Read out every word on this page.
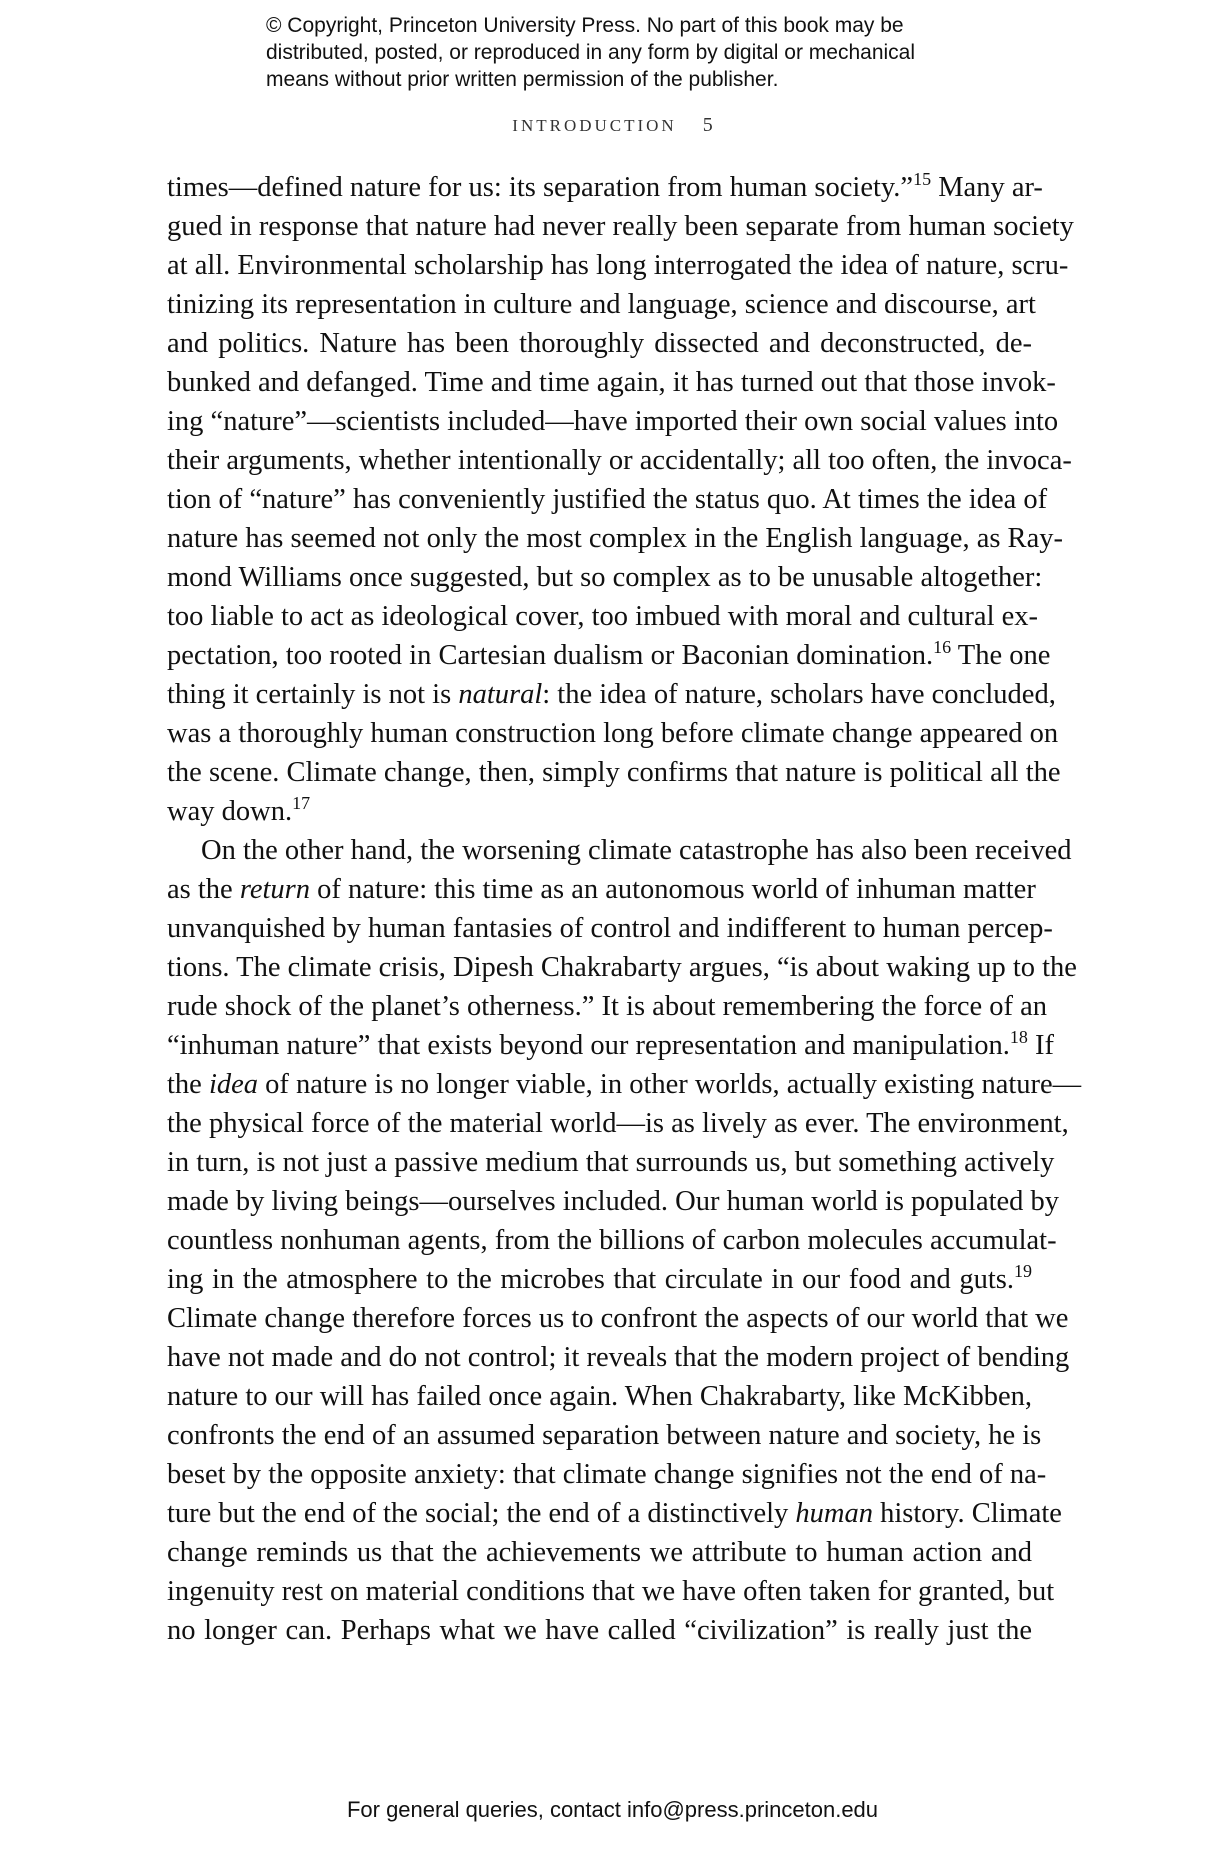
© Copyright, Princeton University Press. No part of this book may be
distributed, posted, or reproduced in any form by digital or mechanical
means without prior written permission of the publisher.
INTRODUCTION 5
times—defined nature for us: its separation from human society.”$^{15}$ Many ar-
gued in response that nature had never really been separate from human society
at all. Environmental scholarship has long interrogated the idea of nature, scru-
tinizing its representation in culture and language, science and discourse, art
and politics. Nature has been thoroughly dissected and deconstructed, de-
bunked and defanged. Time and time again, it has turned out that those invok-
ing “nature”—scientists included—have imported their own social values into
their arguments, whether intentionally or accidentally; all too often, the invoca-
tion of “nature” has conveniently justified the status quo. At times the idea of
nature has seemed not only the most complex in the English language, as Ray-
mond Williams once suggested, but so complex as to be unusable altogether:
too liable to act as ideological cover, too imbued with moral and cultural ex-
pectation, too rooted in Cartesian dualism or Baconian domination.$^{16}$ The one
thing it certainly is not is natural: the idea of nature, scholars have concluded,
was a thoroughly human construction long before climate change appeared on
the scene. Climate change, then, simply confirms that nature is political all the
way down.$^{17}$
On the other hand, the worsening climate catastrophe has also been received
as the return of nature: this time as an autonomous world of inhuman matter
unvanquished by human fantasies of control and indifferent to human percep-
tions. The climate crisis, Dipesh Chakrabarty argues, “is about waking up to the
rude shock of the planet’s otherness.” It is about remembering the force of an
“inhuman nature” that exists beyond our representation and manipulation.$^{18}$ If
the idea of nature is no longer viable, in other worlds, actually existing nature—
the physical force of the material world—is as lively as ever. The environment,
in turn, is not just a passive medium that surrounds us, but something actively
made by living beings—ourselves included. Our human world is populated by
countless nonhuman agents, from the billions of carbon molecules accumulat-
ing in the atmosphere to the microbes that circulate in our food and guts.$^{19}$
Climate change therefore forces us to confront the aspects of our world that we
have not made and do not control; it reveals that the modern project of bending
nature to our will has failed once again. When Chakrabarty, like McKibben,
confronts the end of an assumed separation between nature and society, he is
beset by the opposite anxiety: that climate change signifies not the end of na-
ture but the end of the social; the end of a distinctively human history. Climate
change reminds us that the achievements we attribute to human action and
ingenuity rest on material conditions that we have often taken for granted, but
no longer can. Perhaps what we have called “civilization” is really just the
For general queries, contact info@press.princeton.edu
